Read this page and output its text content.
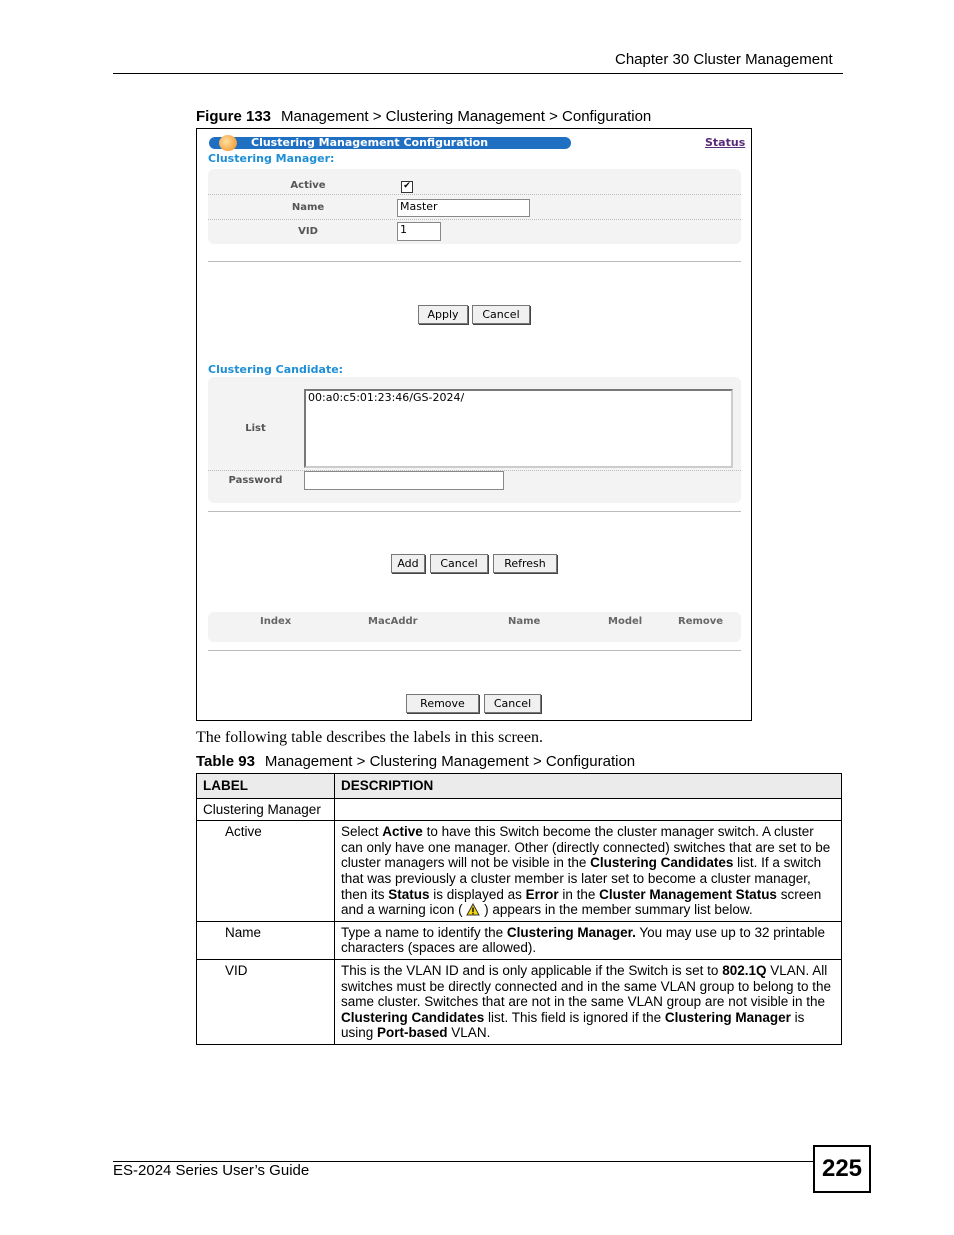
Chapter 30 Cluster Management
Figure 133 Management > Clustering Management > Configuration
Clustering Management Configuration	Status
Clustering Manager:
Active	✔
Name	Master
VID	1
Apply	Cancel
Clustering Candidate:
List
00:a0:c5:01:23:46/GS-2024/
Password
Add	Cancel	Refresh
Index	MacAddr	Name	Model	Remove
Remove	Cancel
The following table describes the labels in this screen.
Table 93 Management > Clustering Management > Configuration
LABEL	DESCRIPTION
Clustering Manager	
Active	Select Active to have this Switch become the cluster manager switch. A cluster can only have one manager. Other (directly connected) switches that are set to be cluster managers will not be visible in the Clustering Candidates list. If a switch that was previously a cluster member is later set to become a cluster manager, then its Status is displayed as Error in the Cluster Management Status screen and a warning icon (  ) appears in the member summary list below.
Name	Type a name to identify the Clustering Manager. You may use up to 32 printable characters (spaces are allowed).
VID	This is the VLAN ID and is only applicable if the Switch is set to 802.1Q VLAN. All switches must be directly connected and in the same VLAN group to belong to the same cluster. Switches that are not in the same VLAN group are not visible in the Clustering Candidates list. This field is ignored if the Clustering Manager is using Port-based VLAN.
ES-2024 Series User’s Guide	225
